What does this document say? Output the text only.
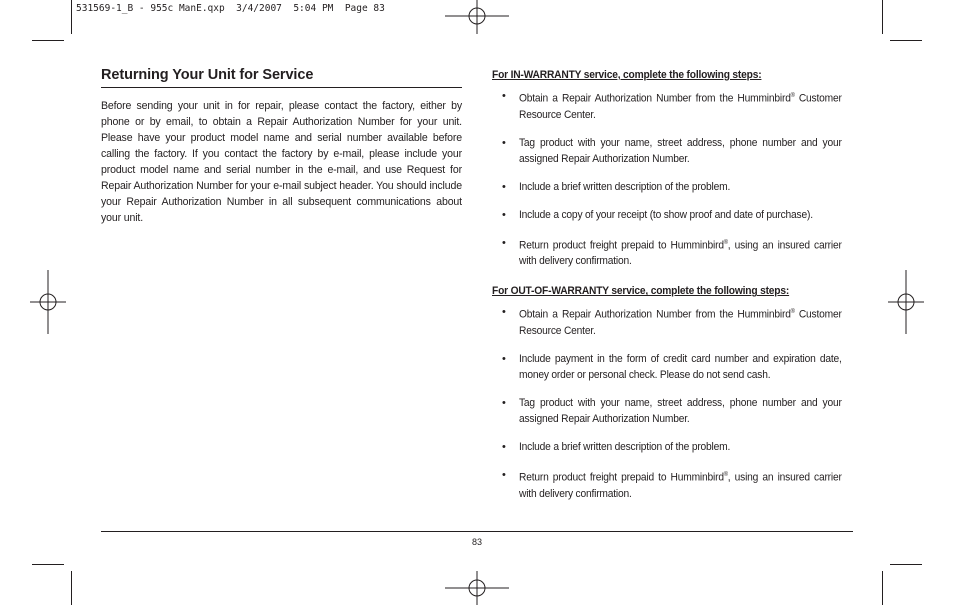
531569-1_B - 955c ManE.qxp  3/4/2007  5:04 PM  Page 83
Returning Your Unit for Service

Before sending your unit in for repair, please contact the factory, either by phone or by email, to obtain a Repair Authorization Number for your unit. Please have your product model name and serial number available before calling the factory. If you contact the factory by e-mail, please include your product model name and serial number in the e-mail, and use Request for Repair Authorization Number for your e-mail subject header. You should include your Repair Authorization Number in all subsequent communications about your unit.

For IN-WARRANTY service, complete the following steps:

• Obtain a Repair Authorization Number from the Humminbird® Customer Resource Center.
• Tag product with your name, street address, phone number and your assigned Repair Authorization Number.
• Include a brief written description of the problem.
• Include a copy of your receipt (to show proof and date of purchase).
• Return product freight prepaid to Humminbird®, using an insured carrier with delivery confirmation.

For OUT-OF-WARRANTY service, complete the following steps:

• Obtain a Repair Authorization Number from the Humminbird® Customer Resource Center.
• Include payment in the form of credit card number and expiration date, money order or personal check. Please do not send cash.
• Tag product with your name, street address, phone number and your assigned Repair Authorization Number.
• Include a brief written description of the problem.
• Return product freight prepaid to Humminbird®, using an insured carrier with delivery confirmation.
83
